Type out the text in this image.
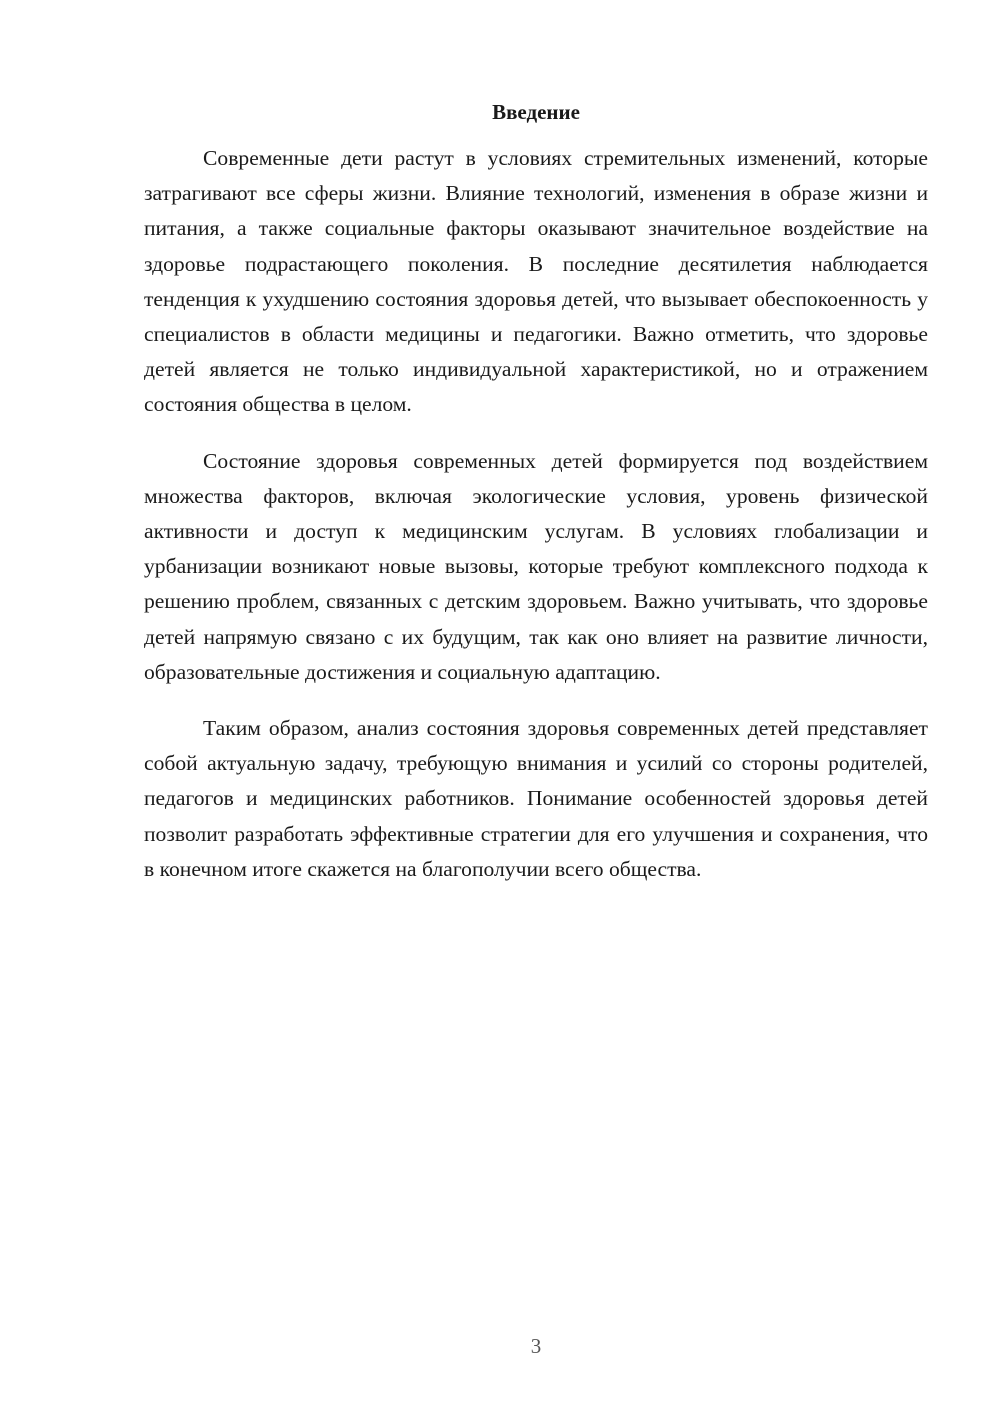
Введение

Современные дети растут в условиях стремительных изменений, которые затрагивают все сферы жизни. Влияние технологий, изменения в образе жизни и питания, а также социальные факторы оказывают значительное воздействие на здоровье подрастающего поколения. В последние десятилетия наблюдается тенденция к ухудшению состояния здоровья детей, что вызывает обеспокоенность у специалистов в области медицины и педагогики. Важно отметить, что здоровье детей является не только индивидуальной характеристикой, но и отражением состояния общества в целом.

Состояние здоровья современных детей формируется под воздействием множества факторов, включая экологические условия, уровень физической активности и доступ к медицинским услугам. В условиях глобализации и урбанизации возникают новые вызовы, которые требуют комплексного подхода к решению проблем, связанных с детским здоровьем. Важно учитывать, что здоровье детей напрямую связано с их будущим, так как оно влияет на развитие личности, образовательные достижения и социальную адаптацию.

Таким образом, анализ состояния здоровья современных детей представляет собой актуальную задачу, требующую внимания и усилий со стороны родителей, педагогов и медицинских работников. Понимание особенностей здоровья детей позволит разработать эффективные стратегии для его улучшения и сохранения, что в конечном итоге скажется на благополучии всего общества.

3
